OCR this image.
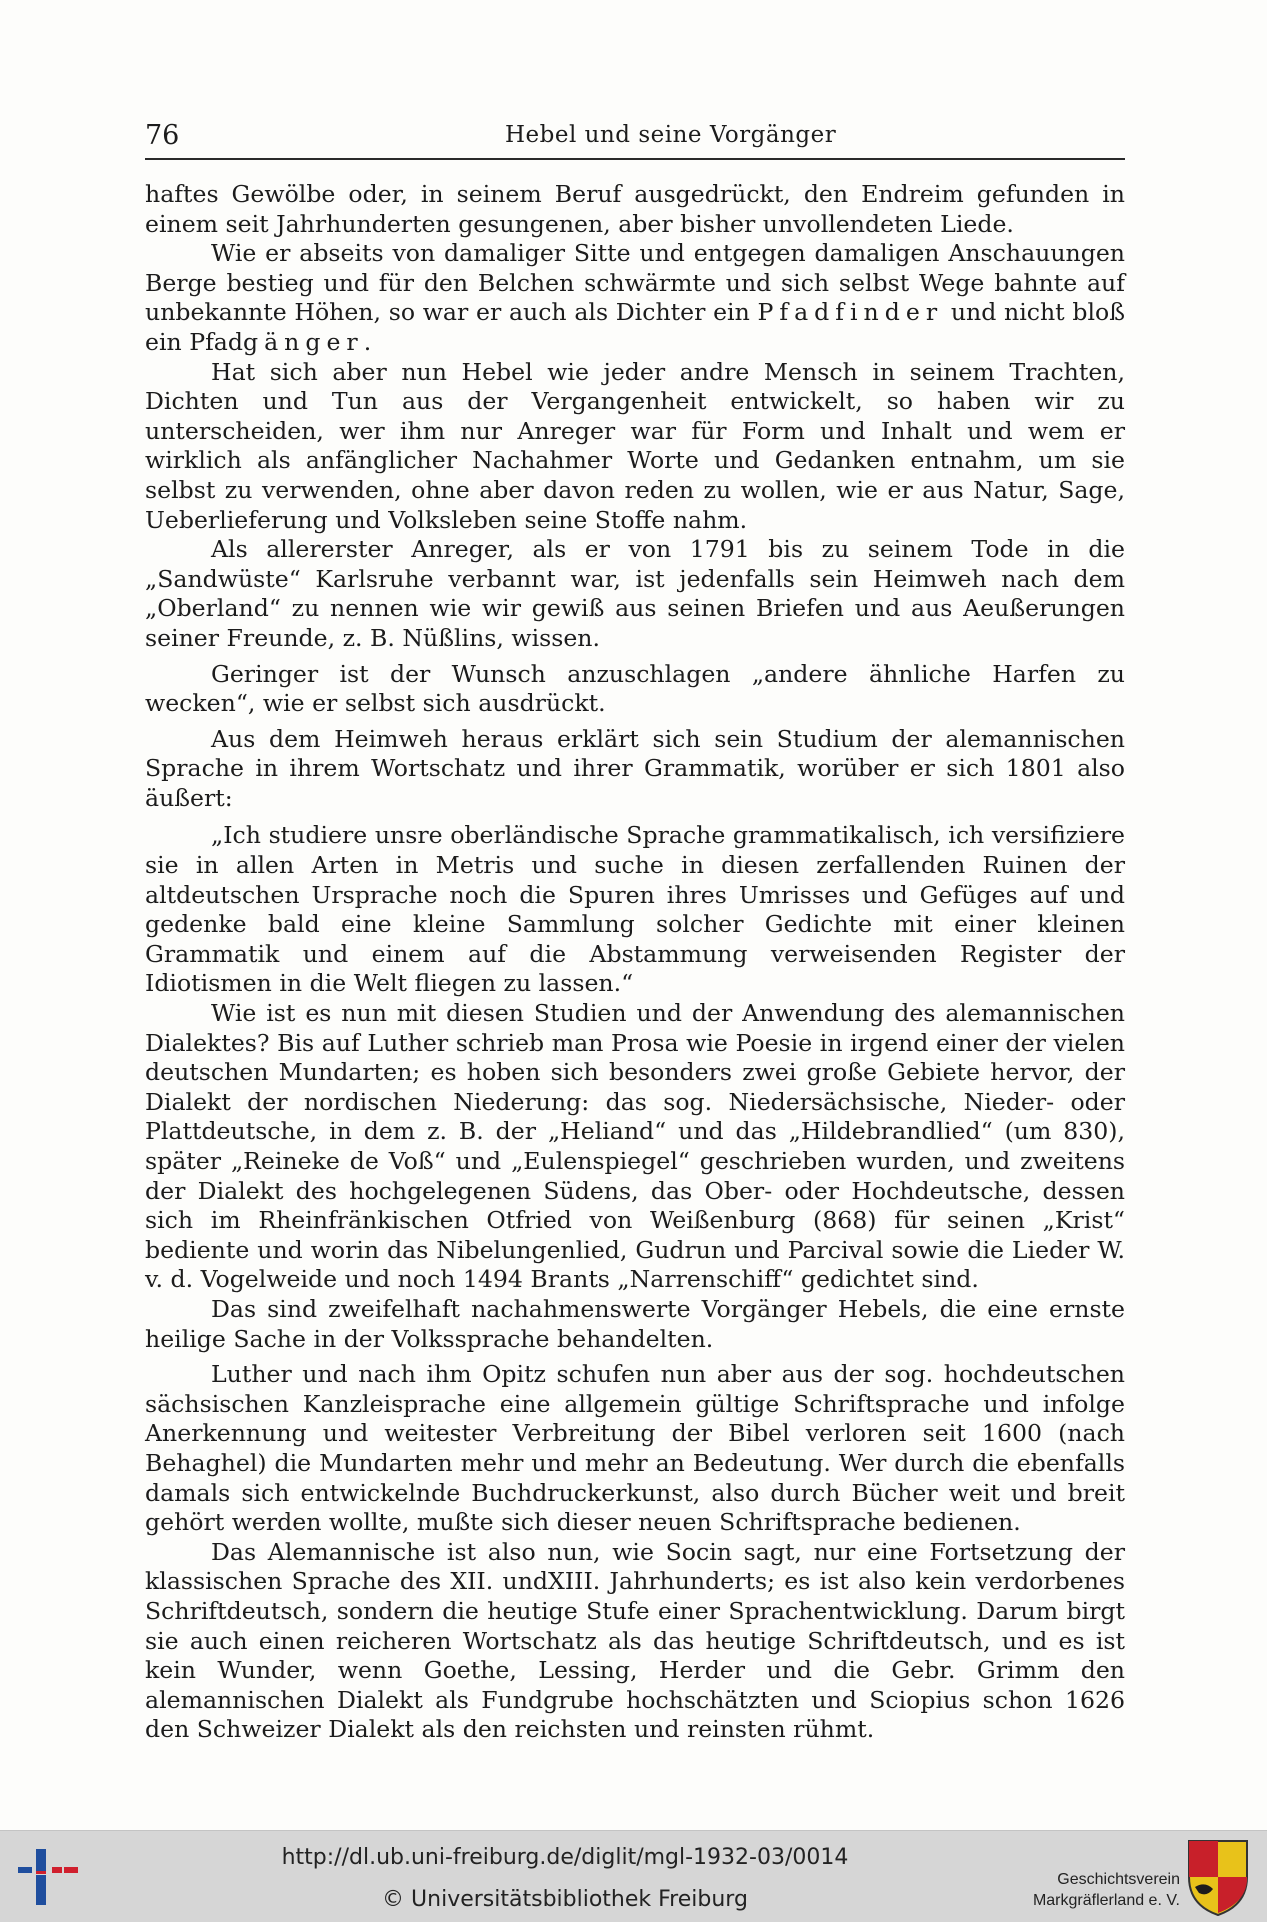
76	Hebel und seine Vorgänger

haftes Gewölbe oder, in seinem Beruf ausgedrückt, den Endreim gefunden in einem seit Jahrhunderten gesungenen, aber bisher unvollendeten Liede.

Wie er abseits von damaliger Sitte und entgegen damaligen Anschauungen Berge bestieg und für den Belchen schwärmte und sich selbst Wege bahnte auf unbekannte Höhen, so war er auch als Dichter ein Pfadfinder und nicht bloß ein Pfadgänger.

Hat sich aber nun Hebel wie jeder andre Mensch in seinem Trachten, Dichten und Tun aus der Vergangenheit entwickelt, so haben wir zu unterscheiden, wer ihm nur Anreger war für Form und Inhalt und wem er wirklich als anfänglicher Nachahmer Worte und Gedanken entnahm, um sie selbst zu verwenden, ohne aber davon reden zu wollen, wie er aus Natur, Sage, Ueberlieferung und Volksleben seine Stoffe nahm.

Als allererster Anreger, als er von 1791 bis zu seinem Tode in die „Sandwüste“ Karlsruhe verbannt war, ist jedenfalls sein Heimweh nach dem „Oberland“ zu nennen wie wir gewiß aus seinen Briefen und aus Aeußerungen seiner Freunde, z. B. Nüßlins, wissen.

Geringer ist der Wunsch anzuschlagen „andere ähnliche Harfen zu wecken“, wie er selbst sich ausdrückt.

Aus dem Heimweh heraus erklärt sich sein Studium der alemannischen Sprache in ihrem Wortschatz und ihrer Grammatik, worüber er sich 1801 also äußert:

„Ich studiere unsre oberländische Sprache grammatikalisch, ich versifiziere sie in allen Arten in Metris und suche in diesen zerfallenden Ruinen der altdeutschen Ursprache noch die Spuren ihres Umrisses und Gefüges auf und gedenke bald eine kleine Sammlung solcher Gedichte mit einer kleinen Grammatik und einem auf die Abstammung verweisenden Register der Idiotismen in die Welt fliegen zu lassen.“

Wie ist es nun mit diesen Studien und der Anwendung des alemannischen Dialektes? Bis auf Luther schrieb man Prosa wie Poesie in irgend einer der vielen deutschen Mundarten; es hoben sich besonders zwei große Gebiete hervor, der Dialekt der nordischen Niederung: das sog. Niedersächsische, Nieder- oder Plattdeutsche, in dem z. B. der „Heliand“ und das „Hildebrandlied“ (um 830), später „Reineke de Voß“ und „Eulenspiegel“ geschrieben wurden, und zweitens der Dialekt des hochgelegenen Südens, das Ober- oder Hochdeutsche, dessen sich im Rheinfränkischen Otfried von Weißenburg (868) für seinen „Krist“ bediente und worin das Nibelungenlied, Gudrun und Parcival sowie die Lieder W. v. d. Vogelweide und noch 1494 Brants „Narrenschiff“ gedichtet sind.

Das sind zweifelhaft nachahmenswerte Vorgänger Hebels, die eine ernste heilige Sache in der Volkssprache behandelten.

Luther und nach ihm Opitz schufen nun aber aus der sog. hochdeutschen sächsischen Kanzleisprache eine allgemein gültige Schriftsprache und infolge Anerkennung und weitester Verbreitung der Bibel verloren seit 1600 (nach Behaghel) die Mundarten mehr und mehr an Bedeutung. Wer durch die ebenfalls damals sich entwickelnde Buchdruckerkunst, also durch Bücher weit und breit gehört werden wollte, mußte sich dieser neuen Schriftsprache bedienen.

Das Alemannische ist also nun, wie Socin sagt, nur eine Fortsetzung der klassischen Sprache des XII. undXIII. Jahrhunderts; es ist also kein verdorbenes Schriftdeutsch, sondern die heutige Stufe einer Sprachentwicklung. Darum birgt sie auch einen reicheren Wortschatz als das heutige Schriftdeutsch, und es ist kein Wunder, wenn Goethe, Lessing, Herder und die Gebr. Grimm den alemannischen Dialekt als Fundgrube hochschätzten und Sciopius schon 1626 den Schweizer Dialekt als den reichsten und reinsten rühmt.

http://dl.ub.uni-freiburg.de/diglit/mgl-1932-03/0014
© Universitätsbibliothek Freiburg
Geschichtsverein
Markgräflerland e. V.
